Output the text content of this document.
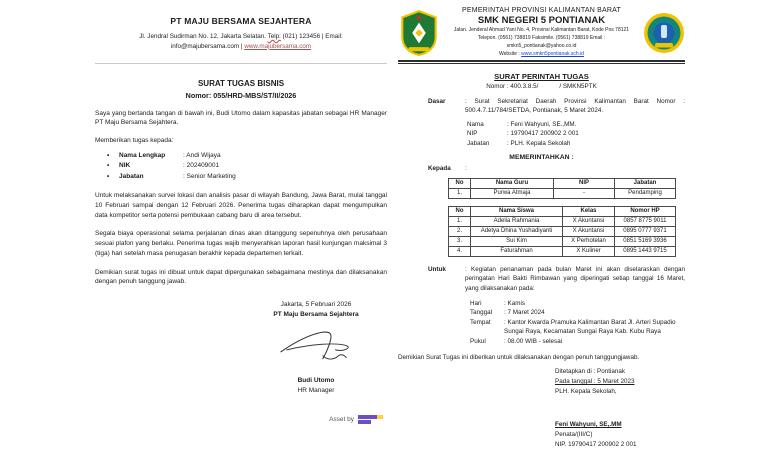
PT MAJU BERSAMA SEJAHTERA
Jl. Jendral Sudirman No. 12, Jakarta Selatan. Telp: (021) 123456 | Email:
info@majubersama.com | www.majubersama.com
SURAT TUGAS BISNIS
Nomor: 055/HRD-MBS/ST/II/2026

Saya yang bertanda tangan di bawah ini, Budi Utomo dalam kapasitas jabatan sebagai HR Manager PT Maju Bersama Sejahtera.

Memberikan tugas kepada:

• Nama Lengkap	: Andi Wijaya
• NIK	: 202409001
• Jabatan	: Senior Marketing

Untuk melaksanakan survei lokasi dan analisis pasar di wilayah Bandung, Jawa Barat, mulai tanggal 10 Februari sampai dengan 12 Februari 2026. Penerima tugas diharapkan dapat mengumpulkan data kompetitor serta potensi pembukaan cabang baru di area tersebut.

Segala biaya operasional selama perjalanan dinas akan ditanggung sepenuhnya oleh perusahaan sesuai plafon yang berlaku. Penerima tugas wajib menyerahkan laporan hasil kunjungan maksimal 3 (tiga) hari setelah masa penugasan berakhir kepada departemen terkait.

Demikian surat tugas ini dibuat untuk dapat dipergunakan sebagaimana mestinya dan dilaksanakan dengan penuh tanggung jawab.

Jakarta, 5 Februari 2026
PT Maju Bersama Sejahtera
Budi Utomo
HR Manager
Asset by
PEMERINTAH PROVINSI KALIMANTAN BARAT
SMK NEGERI 5 PONTIANAK
Jalan. Jenderal Ahmad Yani No. 4, Provinsi Kalimantan Barat, Kode Pos 78121
Telepon. (0561) 738819 Faksimile. (0561) 738819 Email : smkn5_pontianak@yahoo.co.id
Website : www.smkn5pontianak.sch.id
SURAT PERINTAH TUGAS
Nomor : 400.3.8.5/            / SMKN5PTK
Dasar	: Surat Sekretariat Daerah Provinsi Kalimantan Barat Nomor : 500.4.7.11/784/SETDA, Pontianak, 5 Maret 2024.
Nama	: Feni Wahyuni, SE.,MM.
NIP	: 19790417 200902 2 001
Jabatan	: PLH. Kepala Sekolah
MEMERINTAHKAN :
Kepada	:
No	Nama Guru	NIP	Jabatan
1.	Purwa Atmaja	-	Pendamping
No	Nama Siswa	Kelas	Nomor HP
1.	Adelia Rahmania	X Akuntansi	0857 8775 9011
2.	Adetya Dhina Yushadiyanti	X Akuntansi	0895 0777 9371
3.	Sui Kim	X Perhotelan	0851 5169 3936
4.	Faturahman	X Kuliner	0895 1443 9715
Untuk	: Kegiatan penanaman pada bulan Maret ini akan diselaraskan dengan peringatan Hari Bakti Rimbawan yang diperingati setiap tanggal 16 Maret, yang dilaksanakan pada:
Hari	: Kamis
Tanggal	: 7 Maret 2024
Tempat	: Kantor Kwarda Pramuka Kalimantan Barat Jl. Arteri Supadio Sungai Raya, Kecamatan Sungai Raya Kab. Kubu Raya
Pukul	: 08.00 WIB - selesai
Demikian Surat Tugas ini diberikan untuk dilaksanakan dengan penuh tanggungjawab.
Ditetapkan di : Pontianak
Pada tanggal : 5 Maret 2023
PLH. Kepala Sekolah,
Feni Wahyuni, SE,.MM
Penata/(III/C)
NIP. 19790417 200902 2 001
